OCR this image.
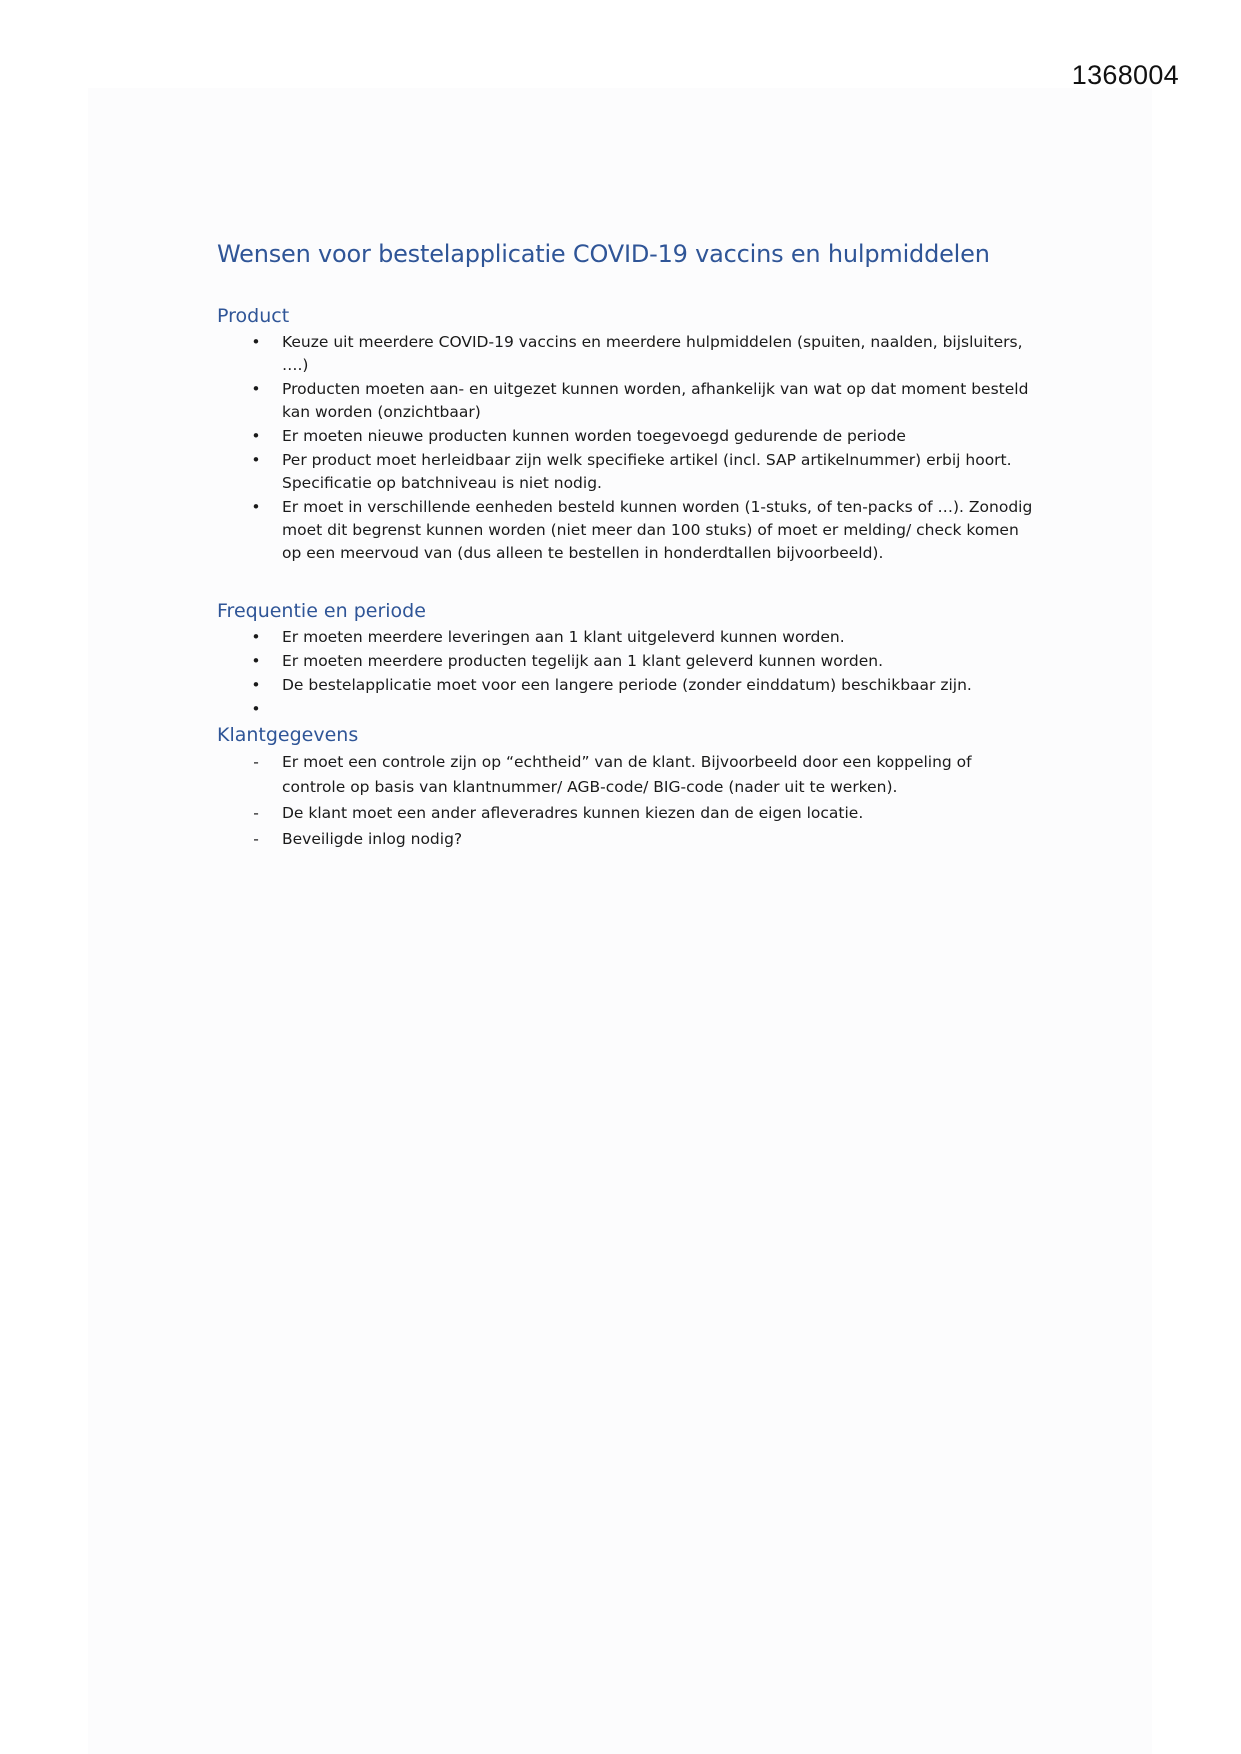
1368004
Wensen voor bestelapplicatie COVID-19 vaccins en hulpmiddelen
Product
• Keuze uit meerdere COVID-19 vaccins en meerdere hulpmiddelen (spuiten, naalden, bijsluiters, ….)
• Producten moeten aan- en uitgezet kunnen worden, afhankelijk van wat op dat moment besteld kan worden (onzichtbaar)
• Er moeten nieuwe producten kunnen worden toegevoegd gedurende de periode
• Per product moet herleidbaar zijn welk specifieke artikel (incl. SAP artikelnummer) erbij hoort. Specificatie op batchniveau is niet nodig.
• Er moet in verschillende eenheden besteld kunnen worden (1-stuks, of ten-packs of …). Zonodig moet dit begrenst kunnen worden (niet meer dan 100 stuks) of moet er melding/ check komen op een meervoud van (dus alleen te bestellen in honderdtallen bijvoorbeeld).
Frequentie en periode
• Er moeten meerdere leveringen aan 1 klant uitgeleverd kunnen worden.
• Er moeten meerdere producten tegelijk aan 1 klant geleverd kunnen worden.
• De bestelapplicatie moet voor een langere periode (zonder einddatum) beschikbaar zijn.
•
Klantgegevens
- Er moet een controle zijn op “echtheid” van de klant. Bijvoorbeeld door een koppeling of controle op basis van klantnummer/ AGB-code/ BIG-code (nader uit te werken).
- De klant moet een ander afleveradres kunnen kiezen dan de eigen locatie.
- Beveiligde inlog nodig?
